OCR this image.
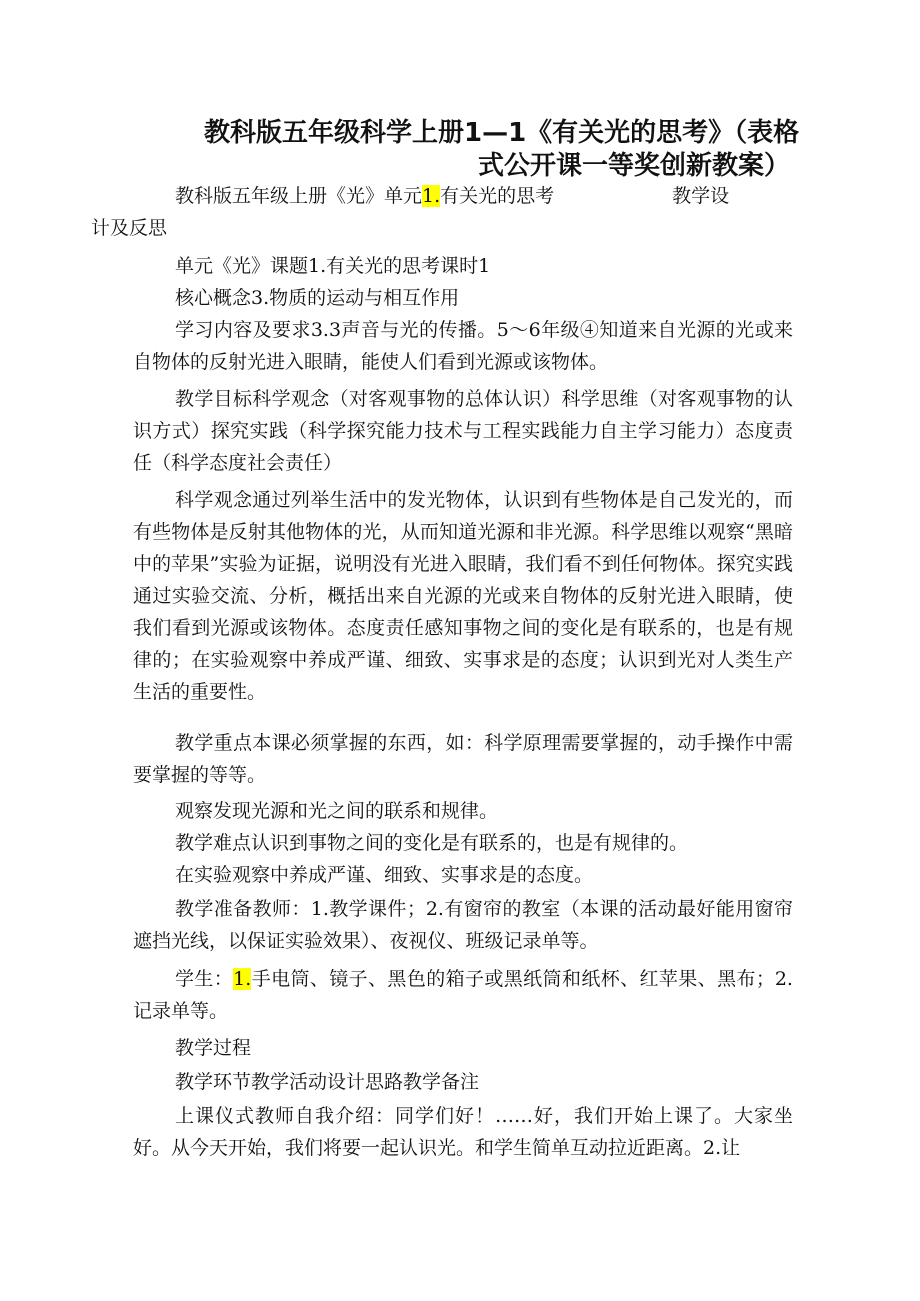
教科版五年级科学上册1—1《有关光的思考》（表格
式公开课一等奖创新教案）

教科版五年级上册《光》单元1.有关光的思考	教学设
计及反思

单元《光》课题1.有关光的思考课时1

核心概念3.物质的运动与相互作用

学习内容及要求3.3声音与光的传播。5～6年级④知道来自光源的光或来自物体的反射光进入眼睛，能使人们看到光源或该物体。

教学目标科学观念（对客观事物的总体认识）科学思维（对客观事物的认识方式）探究实践（科学探究能力技术与工程实践能力自主学习能力）态度责任（科学态度社会责任）

科学观念通过列举生活中的发光物体，认识到有些物体是自己发光的，而有些物体是反射其他物体的光，从而知道光源和非光源。科学思维以观察“黑暗中的苹果”实验为证据，说明没有光进入眼睛，我们看不到任何物体。探究实践通过实验交流、分析，概括出来自光源的光或来自物体的反射光进入眼睛，使我们看到光源或该物体。态度责任感知事物之间的变化是有联系的，也是有规律的；在实验观察中养成严谨、细致、实事求是的态度；认识到光对人类生产生活的重要性。

教学重点本课必须掌握的东西，如：科学原理需要掌握的，动手操作中需要掌握的等等。

观察发现光源和光之间的联系和规律。

教学难点认识到事物之间的变化是有联系的，也是有规律的。

在实验观察中养成严谨、细致、实事求是的态度。

教学准备教师：1.教学课件；2.有窗帘的教室（本课的活动最好能用窗帘遮挡光线，以保证实验效果）、夜视仪、班级记录单等。

学生：1.手电筒、镜子、黑色的箱子或黑纸筒和纸杯、红苹果、黑布；2.记录单等。

教学过程

教学环节教学活动设计思路教学备注

上课仪式教师自我介绍：同学们好！……好，我们开始上课了。大家坐好。从今天开始，我们将要一起认识光。和学生简单互动拉近距离。2.让
